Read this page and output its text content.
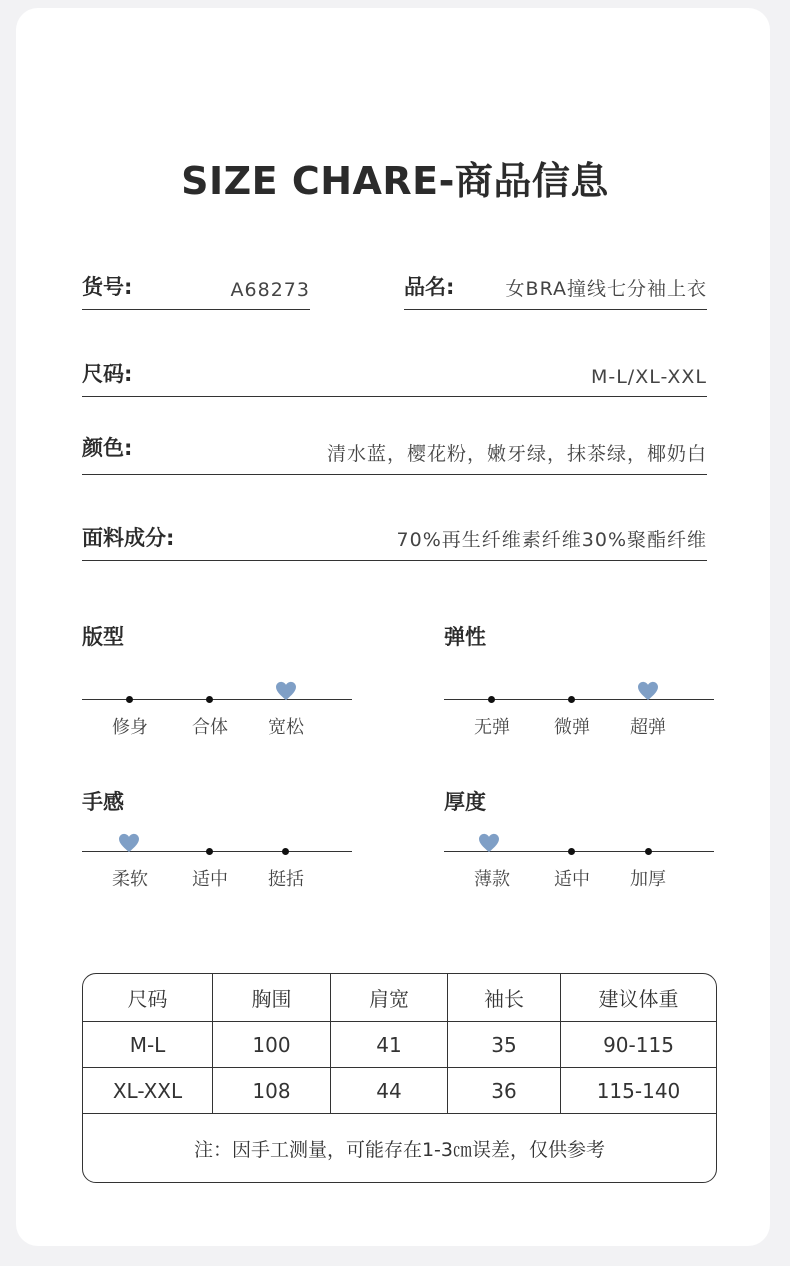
SIZE CHARE-商品信息
货号:	A68273	品名:	女BRA撞线七分袖上衣
尺码:	M-L/XL-XXL
颜色:	清水蓝，樱花粉，嫩牙绿，抹茶绿，椰奶白
面料成分:	70%再生纤维素纤维30%聚酯纤维
版型
修身	合体	宽松
弹性
无弹	微弹	超弹
手感
柔软	适中	挺括
厚度
薄款	适中	加厚
尺码	胸围	肩宽	袖长	建议体重
M-L	100	41	35	90-115
XL-XXL	108	44	36	115-140
注：因手工测量，可能存在1-3㎝误差，仅供参考				
